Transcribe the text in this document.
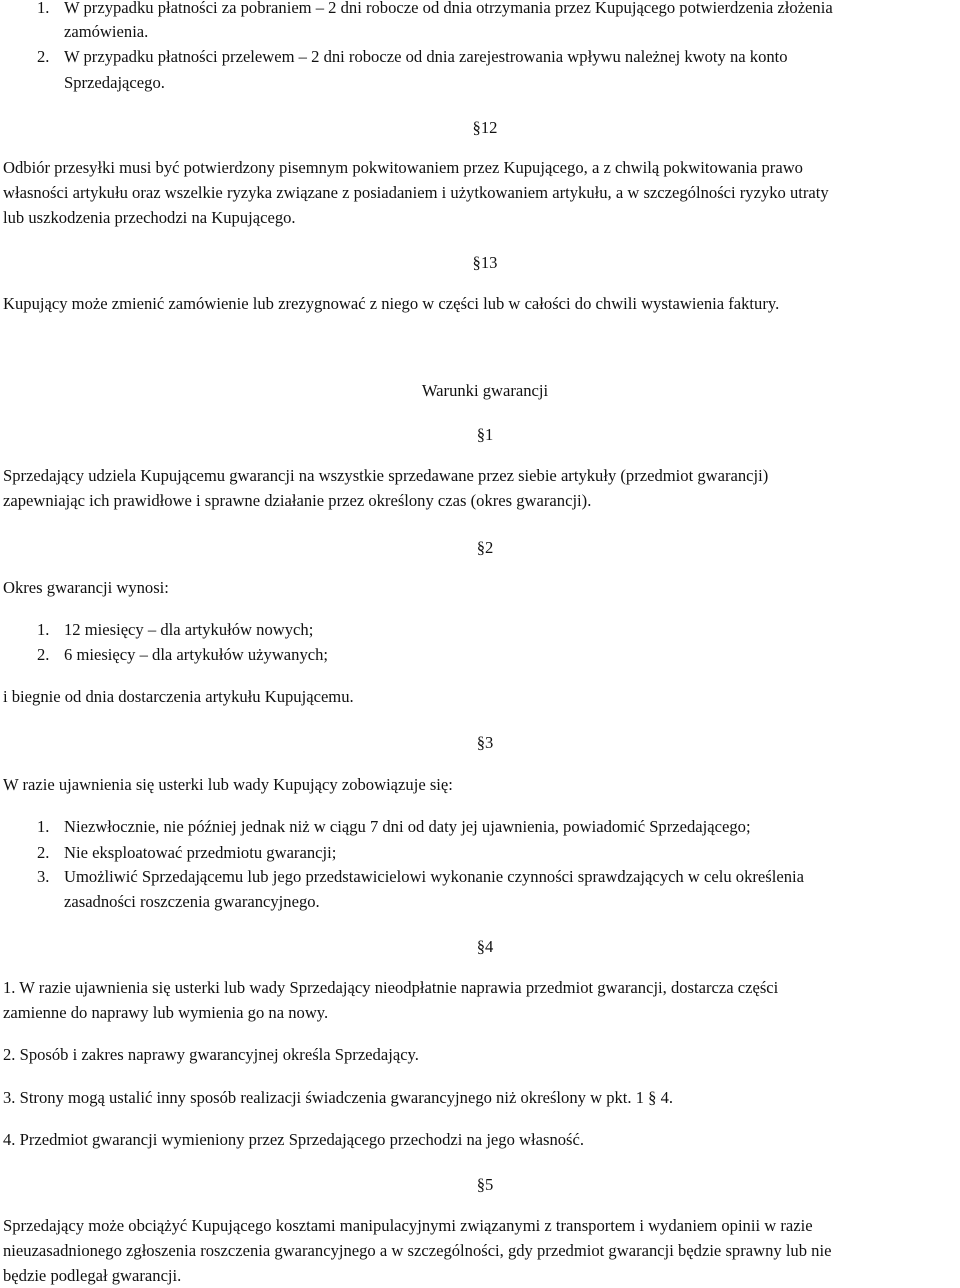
1. W przypadku płatności za pobraniem – 2 dni robocze od dnia otrzymania przez Kupującego potwierdzenia złożenia
zamówienia.
2. W przypadku płatności przelewem – 2 dni robocze od dnia zarejestrowania wpływu należnej kwoty na konto
Sprzedającego.
§12
Odbiór przesyłki musi być potwierdzony pisemnym pokwitowaniem przez Kupującego, a z chwilą pokwitowania prawo
własności artykułu oraz wszelkie ryzyka związane z posiadaniem i użytkowaniem artykułu, a w szczególności ryzyko utraty
lub uszkodzenia przechodzi na Kupującego.
§13
Kupujący może zmienić zamówienie lub zrezygnować z niego w części lub w całości do chwili wystawienia faktury.
Warunki gwarancji
§1
Sprzedający udziela Kupującemu gwarancji na wszystkie sprzedawane przez siebie artykuły (przedmiot gwarancji)
zapewniając ich prawidłowe i sprawne działanie przez określony czas (okres gwarancji).
§2
Okres gwarancji wynosi:
1. 12 miesięcy – dla artykułów nowych;
2. 6 miesięcy – dla artykułów używanych;
i biegnie od dnia dostarczenia artykułu Kupującemu.
§3
W razie ujawnienia się usterki lub wady Kupujący zobowiązuje się:
1. Niezwłocznie, nie później jednak niż w ciągu 7 dni od daty jej ujawnienia, powiadomić Sprzedającego;
2. Nie eksploatować przedmiotu gwarancji;
3. Umożliwić Sprzedającemu lub jego przedstawicielowi wykonanie czynności sprawdzających w celu określenia
zasadności roszczenia gwarancyjnego.
§4
1. W razie ujawnienia się usterki lub wady Sprzedający nieodpłatnie naprawia przedmiot gwarancji, dostarcza części
zamienne do naprawy lub wymienia go na nowy.
2. Sposób i zakres naprawy gwarancyjnej określa Sprzedający.
3. Strony mogą ustalić inny sposób realizacji świadczenia gwarancyjnego niż określony w pkt. 1 § 4.
4. Przedmiot gwarancji wymieniony przez Sprzedającego przechodzi na jego własność.
§5
Sprzedający może obciążyć Kupującego kosztami manipulacyjnymi związanymi z transportem i wydaniem opinii w razie
nieuzasadnionego zgłoszenia roszczenia gwarancyjnego a w szczególności, gdy przedmiot gwarancji będzie sprawny lub nie
będzie podlegał gwarancji.
